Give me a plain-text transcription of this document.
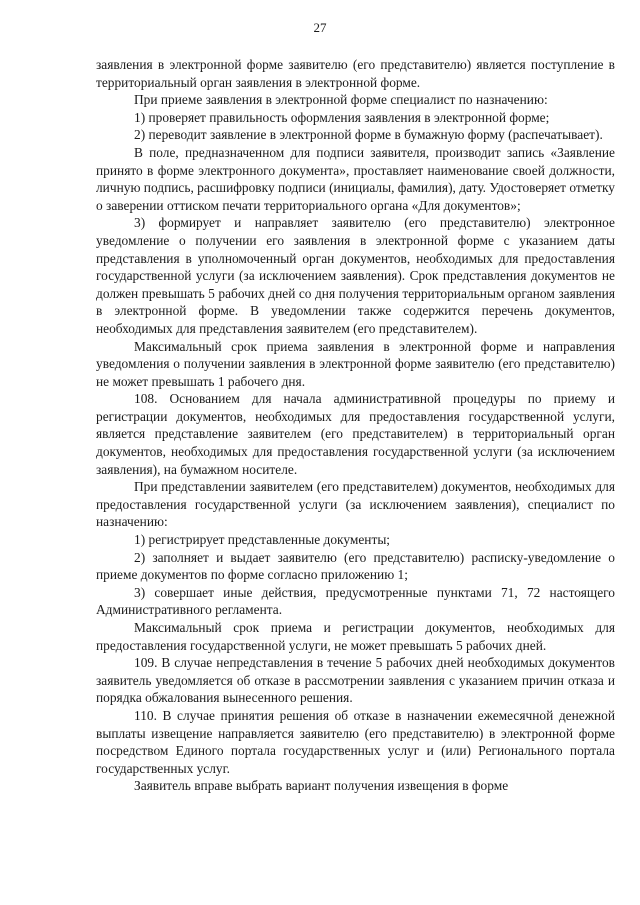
27

заявления в электронной форме заявителю (его представителю) является поступление в территориальный орган заявления в электронной форме.

При приеме заявления в электронной форме специалист по назначению:

1) проверяет правильность оформления заявления в электронной форме;

2) переводит заявление в электронной форме в бумажную форму (распечатывает).

В поле, предназначенном для подписи заявителя, производит запись «Заявление принято в форме электронного документа», проставляет наименование своей должности, личную подпись, расшифровку подписи (инициалы, фамилия), дату. Удостоверяет отметку о заверении оттиском печати территориального органа «Для документов»;

3) формирует и направляет заявителю (его представителю) электронное уведомление о получении его заявления в электронной форме с указанием даты представления в уполномоченный орган документов, необходимых для предоставления государственной услуги (за исключением заявления). Срок представления документов не должен превышать 5 рабочих дней со дня получения территориальным органом заявления в электронной форме. В уведомлении также содержится перечень документов, необходимых для представления заявителем (его представителем).

Максимальный срок приема заявления в электронной форме и направления уведомления о получении заявления в электронной форме заявителю (его представителю) не может превышать 1 рабочего дня.

108. Основанием для начала административной процедуры по приему и регистрации документов, необходимых для предоставления государственной услуги, является представление заявителем (его представителем) в территориальный орган документов, необходимых для предоставления государственной услуги (за исключением заявления), на бумажном носителе.

При представлении заявителем (его представителем) документов, необходимых для предоставления государственной услуги (за исключением заявления), специалист по назначению:

1) регистрирует представленные документы;

2) заполняет и выдает заявителю (его представителю) расписку-уведомление о приеме документов по форме согласно приложению 1;

3) совершает иные действия, предусмотренные пунктами 71, 72 настоящего Административного регламента.

Максимальный срок приема и регистрации документов, необходимых для предоставления государственной услуги, не может превышать 5 рабочих дней.

109. В случае непредставления в течение 5 рабочих дней необходимых документов заявитель уведомляется об отказе в рассмотрении заявления с указанием причин отказа и порядка обжалования вынесенного решения.

110. В случае принятия решения об отказе в назначении ежемесячной денежной выплаты извещение направляется заявителю (его представителю) в электронной форме посредством Единого портала государственных услуг и (или) Регионального портала государственных услуг.

Заявитель вправе выбрать вариант получения извещения в форме
